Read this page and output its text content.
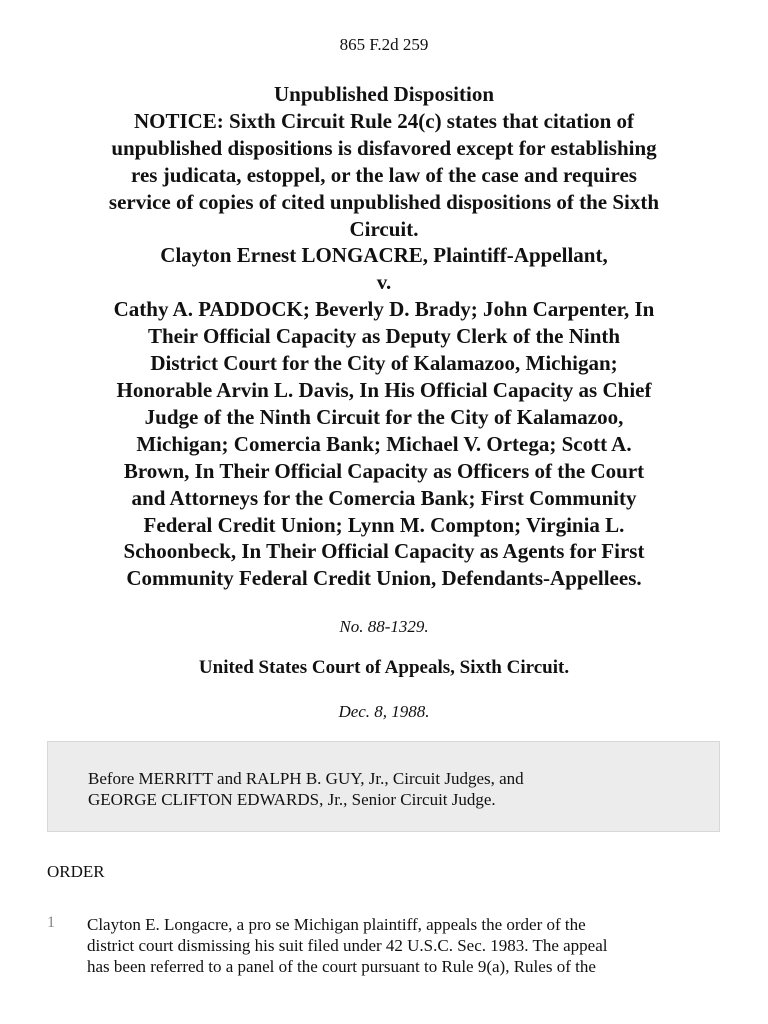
865 F.2d 259
Unpublished Disposition
NOTICE: Sixth Circuit Rule 24(c) states that citation of
unpublished dispositions is disfavored except for establishing
res judicata, estoppel, or the law of the case and requires
service of copies of cited unpublished dispositions of the Sixth
Circuit.
Clayton Ernest LONGACRE, Plaintiff-Appellant,
v.
Cathy A. PADDOCK; Beverly D. Brady; John Carpenter, In
Their Official Capacity as Deputy Clerk of the Ninth
District Court for the City of Kalamazoo, Michigan;
Honorable Arvin L. Davis, In His Official Capacity as Chief
Judge of the Ninth Circuit for the City of Kalamazoo,
Michigan; Comercia Bank; Michael V. Ortega; Scott A.
Brown, In Their Official Capacity as Officers of the Court
and Attorneys for the Comercia Bank; First Community
Federal Credit Union; Lynn M. Compton; Virginia L.
Schoonbeck, In Their Official Capacity as Agents for First
Community Federal Credit Union, Defendants-Appellees.
No. 88-1329.
United States Court of Appeals, Sixth Circuit.
Dec. 8, 1988.
Before MERRITT and RALPH B. GUY, Jr., Circuit Judges, and
GEORGE CLIFTON EDWARDS, Jr., Senior Circuit Judge.
ORDER
1 Clayton E. Longacre, a pro se Michigan plaintiff, appeals the order of the
district court dismissing his suit filed under 42 U.S.C. Sec. 1983. The appeal
has been referred to a panel of the court pursuant to Rule 9(a), Rules of the
